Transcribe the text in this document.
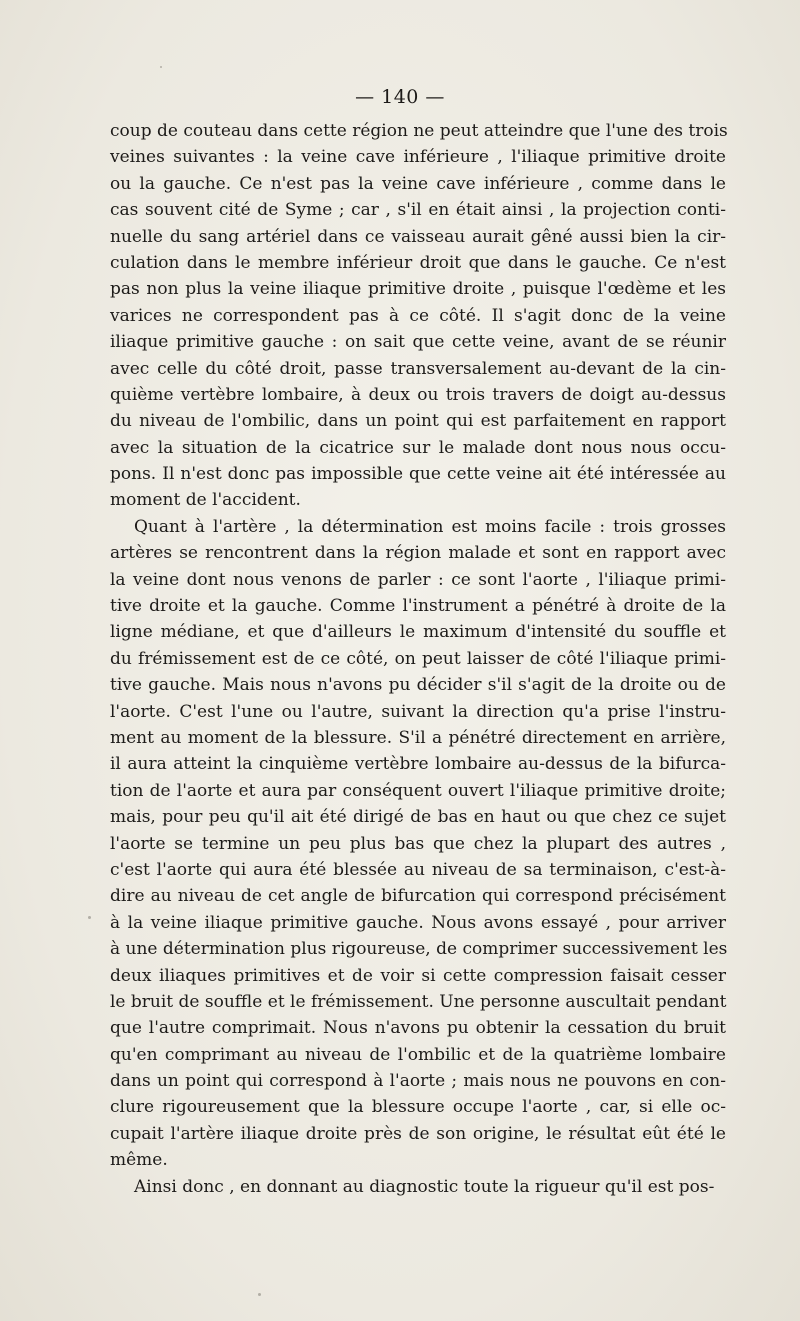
— 140 —
coup de couteau dans cette région ne peut atteindre que l'une des trois
veines suivantes : la veine cave inférieure , l'iliaque primitive droite
ou la gauche. Ce n'est pas la veine cave inférieure , comme dans le
cas souvent cité de Syme ; car , s'il en était ainsi , la projection conti-
nuelle du sang artériel dans ce vaisseau aurait gêné aussi bien la cir-
culation dans le membre inférieur droit que dans le gauche. Ce n'est
pas non plus la veine iliaque primitive droite , puisque l'œdème et les
varices ne correspondent pas à ce côté. Il s'agit donc de la veine
iliaque primitive gauche : on sait que cette veine, avant de se réunir
avec celle du côté droit, passe transversalement au-devant de la cin-
quième vertèbre lombaire, à deux ou trois travers de doigt au-dessus
du niveau de l'ombilic, dans un point qui est parfaitement en rapport
avec la situation de la cicatrice sur le malade dont nous nous occu-
pons. Il n'est donc pas impossible que cette veine ait été intéressée au
moment de l'accident.
Quant à l'artère , la détermination est moins facile : trois grosses
artères se rencontrent dans la région malade et sont en rapport avec
la veine dont nous venons de parler : ce sont l'aorte , l'iliaque primi-
tive droite et la gauche. Comme l'instrument a pénétré à droite de la
ligne médiane, et que d'ailleurs le maximum d'intensité du souffle et
du frémissement est de ce côté, on peut laisser de côté l'iliaque primi-
tive gauche. Mais nous n'avons pu décider s'il s'agit de la droite ou de
l'aorte. C'est l'une ou l'autre, suivant la direction qu'a prise l'instru-
ment au moment de la blessure. S'il a pénétré directement en arrière,
il aura atteint la cinquième vertèbre lombaire au-dessus de la bifurca-
tion de l'aorte et aura par conséquent ouvert l'iliaque primitive droite;
mais, pour peu qu'il ait été dirigé de bas en haut ou que chez ce sujet
l'aorte se termine un peu plus bas que chez la plupart des autres ,
c'est l'aorte qui aura été blessée au niveau de sa terminaison, c'est-à-
dire au niveau de cet angle de bifurcation qui correspond précisément
à la veine iliaque primitive gauche. Nous avons essayé , pour arriver
à une détermination plus rigoureuse, de comprimer successivement les
deux iliaques primitives et de voir si cette compression faisait cesser
le bruit de souffle et le frémissement. Une personne auscultait pendant
que l'autre comprimait. Nous n'avons pu obtenir la cessation du bruit
qu'en comprimant au niveau de l'ombilic et de la quatrième lombaire
dans un point qui correspond à l'aorte ; mais nous ne pouvons en con-
clure rigoureusement que la blessure occupe l'aorte , car, si elle oc-
cupait l'artère iliaque droite près de son origine, le résultat eût été le
même.
Ainsi donc , en donnant au diagnostic toute la rigueur qu'il est pos-
